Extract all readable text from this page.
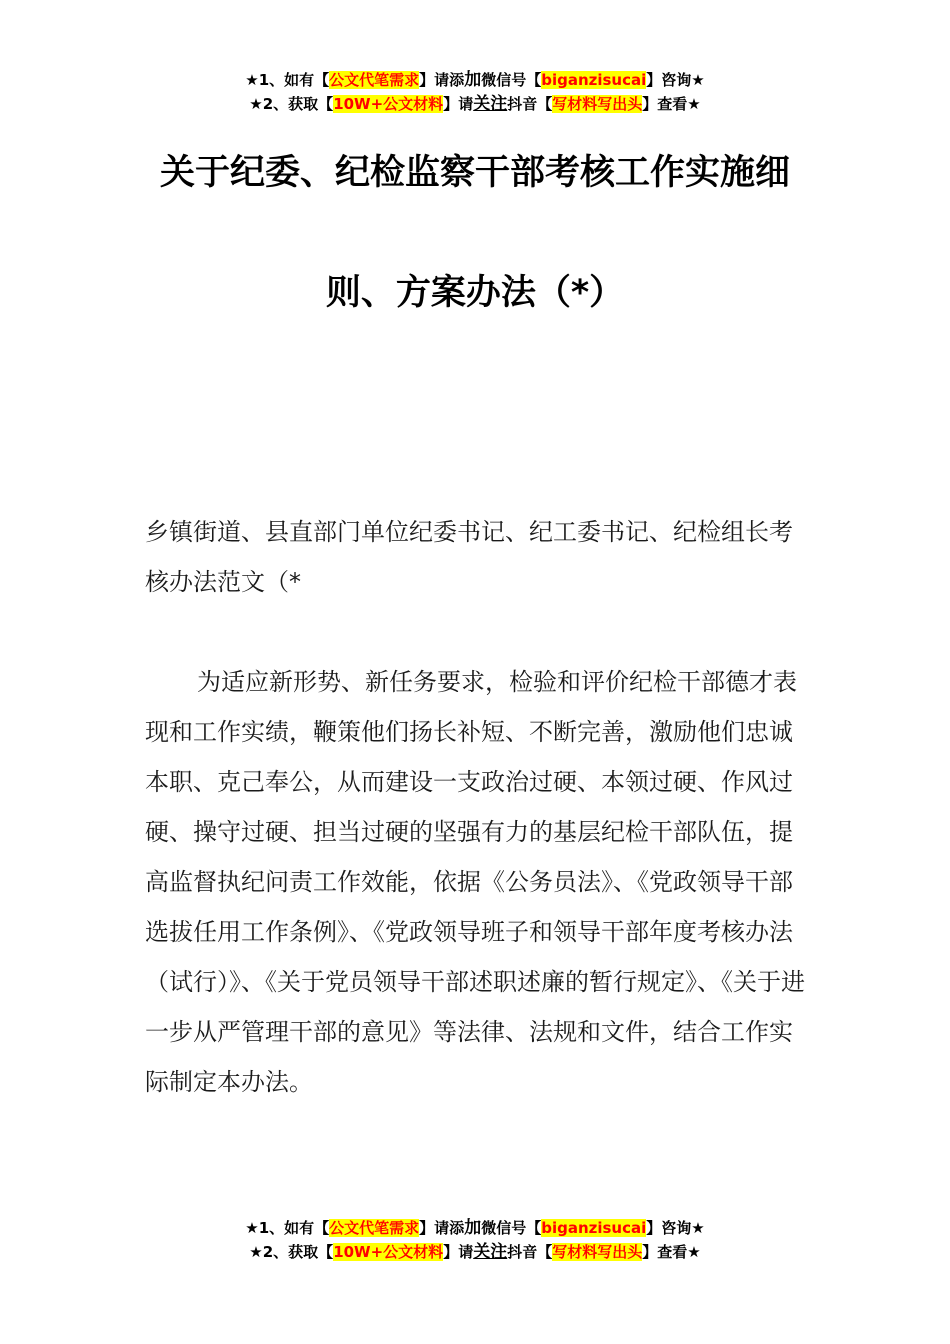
★1、如有【公文代笔需求】请添加微信号【biganzisucai】咨询★
★2、获取【10W+公文材料】请关注抖音【写材料写出头】查看★
关于纪委、纪检监察干部考核工作实施细
则、方案办法（*）

乡镇街道、县直部门单位纪委书记、纪工委书记、纪检组长考核办法范文（*

为适应新形势、新任务要求，检验和评价纪检干部德才表现和工作实绩，鞭策他们扬长补短、不断完善，激励他们忠诚本职、克己奉公，从而建设一支政治过硬、本领过硬、作风过硬、操守过硬、担当过硬的坚强有力的基层纪检干部队伍，提高监督执纪问责工作效能，依据《公务员法》、《党政领导干部选拔任用工作条例》、《党政领导班子和领导干部年度考核办法（试行）》、《关于党员领导干部述职述廉的暂行规定》、《关于进一步从严管理干部的意见》等法律、法规和文件，结合工作实际制定本办法。

★1、如有【公文代笔需求】请添加微信号【biganzisucai】咨询★
★2、获取【10W+公文材料】请关注抖音【写材料写出头】查看★
